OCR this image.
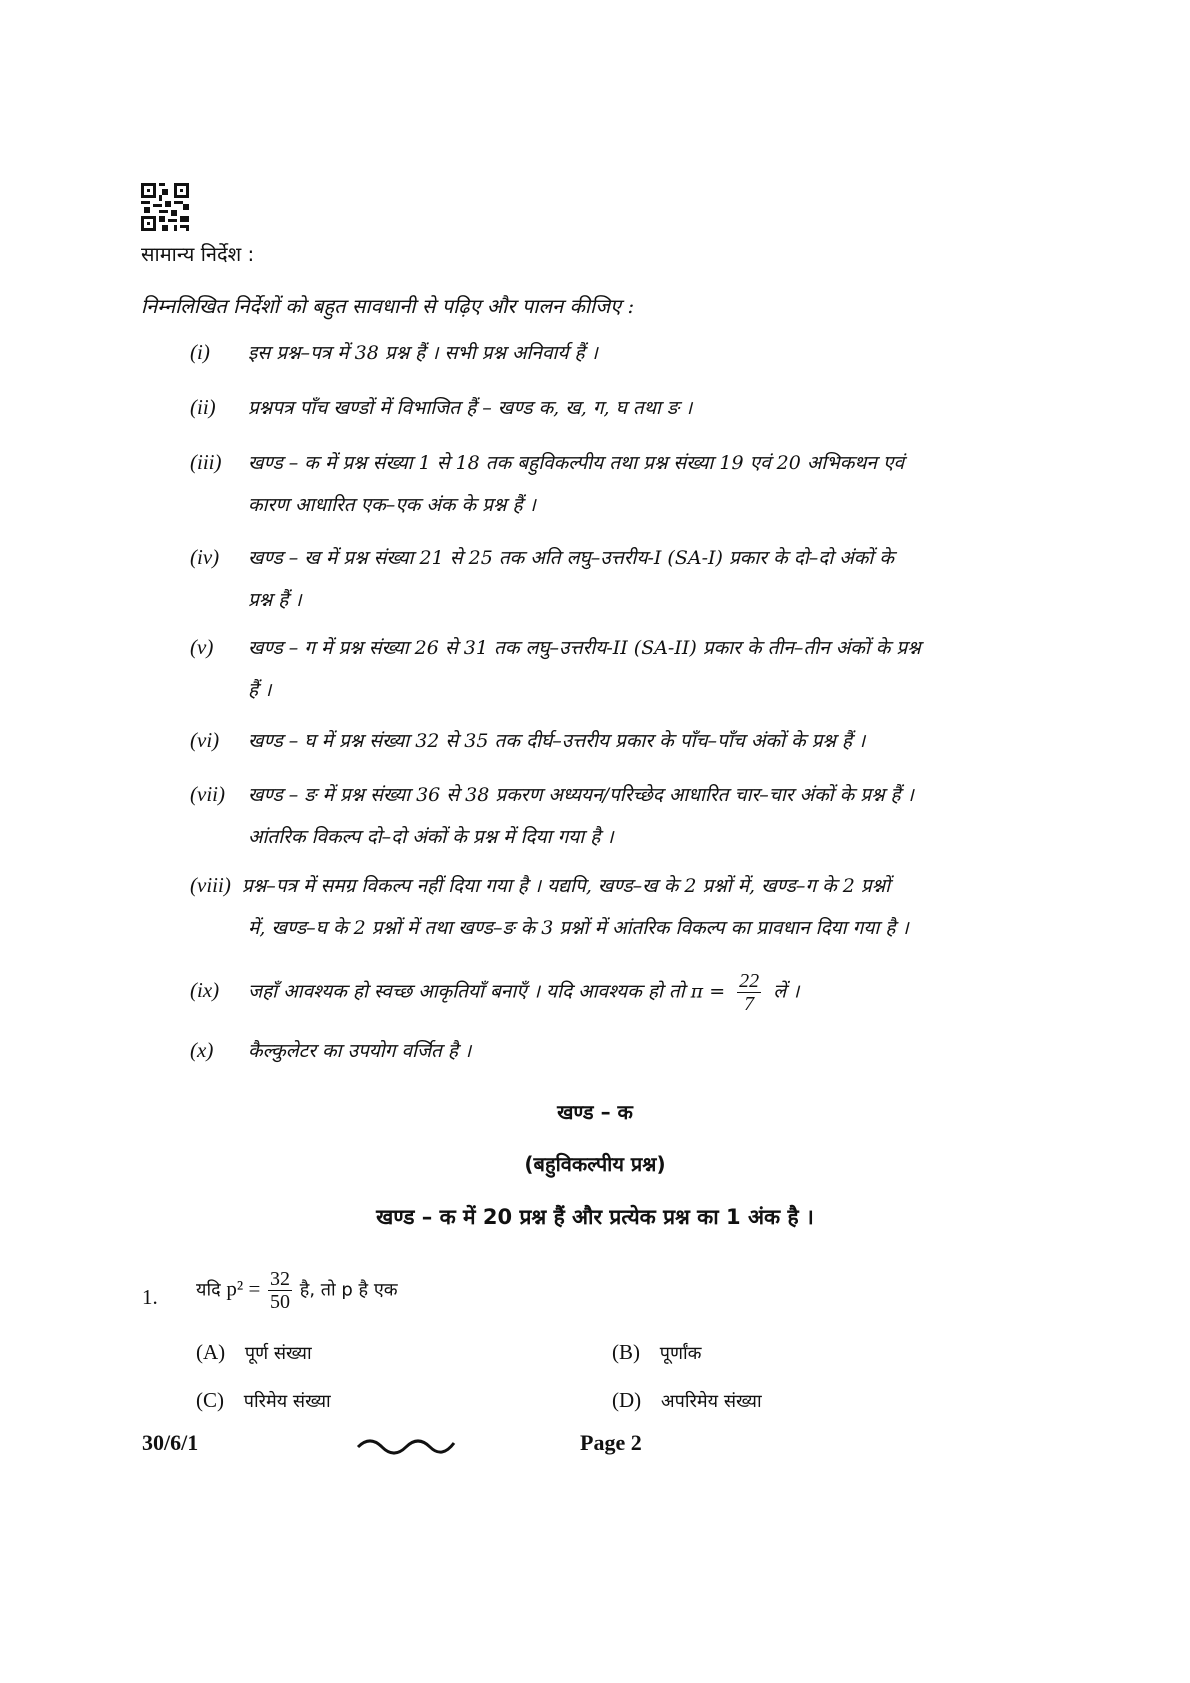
सामान्य निर्देश :
निम्नलिखित निर्देशों को बहुत सावधानी से पढ़िए और पालन कीजिए :
(i) इस प्रश्न–पत्र में 38 प्रश्न हैं । सभी प्रश्न अनिवार्य हैं ।
(ii) प्रश्नपत्र पाँच खण्डों में विभाजित हैं – खण्ड क, ख, ग, घ तथा ङ ।
(iii) खण्ड – क में प्रश्न संख्या 1 से 18 तक बहुविकल्पीय तथा प्रश्न संख्या 19 एवं 20 अभिकथन एवं
कारण आधारित एक–एक अंक के प्रश्न हैं ।
(iv) खण्ड – ख में प्रश्न संख्या 21 से 25 तक अति लघु–उत्तरीय-I (SA-I) प्रकार के दो–दो अंकों के
प्रश्न हैं ।
(v) खण्ड – ग में प्रश्न संख्या 26 से 31 तक लघु–उत्तरीय-II (SA-II) प्रकार के तीन–तीन अंकों के प्रश्न
हैं ।
(vi) खण्ड – घ में प्रश्न संख्या 32 से 35 तक दीर्घ–उत्तरीय प्रकार के पाँच–पाँच अंकों के प्रश्न हैं ।
(vii) खण्ड – ङ में प्रश्न संख्या 36 से 38 प्रकरण अध्ययन/परिच्छेद आधारित चार–चार अंकों के प्रश्न हैं ।
आंतरिक विकल्प दो–दो अंकों के प्रश्न में दिया गया है ।
(viii) प्रश्न–पत्र में समग्र विकल्प नहीं दिया गया है । यद्यपि, खण्ड–ख के 2 प्रश्नों में, खण्ड–ग के 2 प्रश्नों
में, खण्ड–घ के 2 प्रश्नों में तथा खण्ड–ङ के 3 प्रश्नों में आंतरिक विकल्प का प्रावधान दिया गया है ।
(ix) जहाँ आवश्यक हो स्वच्छ आकृतियाँ बनाएँ । यदि आवश्यक हो तो $\pi = \frac{22}{7}$ लें ।
(x) कैल्कुलेटर का उपयोग वर्जित है ।
खण्ड – क
(बहुविकल्पीय प्रश्न)
खण्ड – क में 20 प्रश्न हैं और प्रत्येक प्रश्न का 1 अंक है ।
1. यदि $p^2 = \frac{32}{50}$ है, तो p है एक
(A) पूर्ण संख्या	(B) पूर्णांक
(C) परिमेय संख्या	(D) अपरिमेय संख्या
30/6/1	Page 2
